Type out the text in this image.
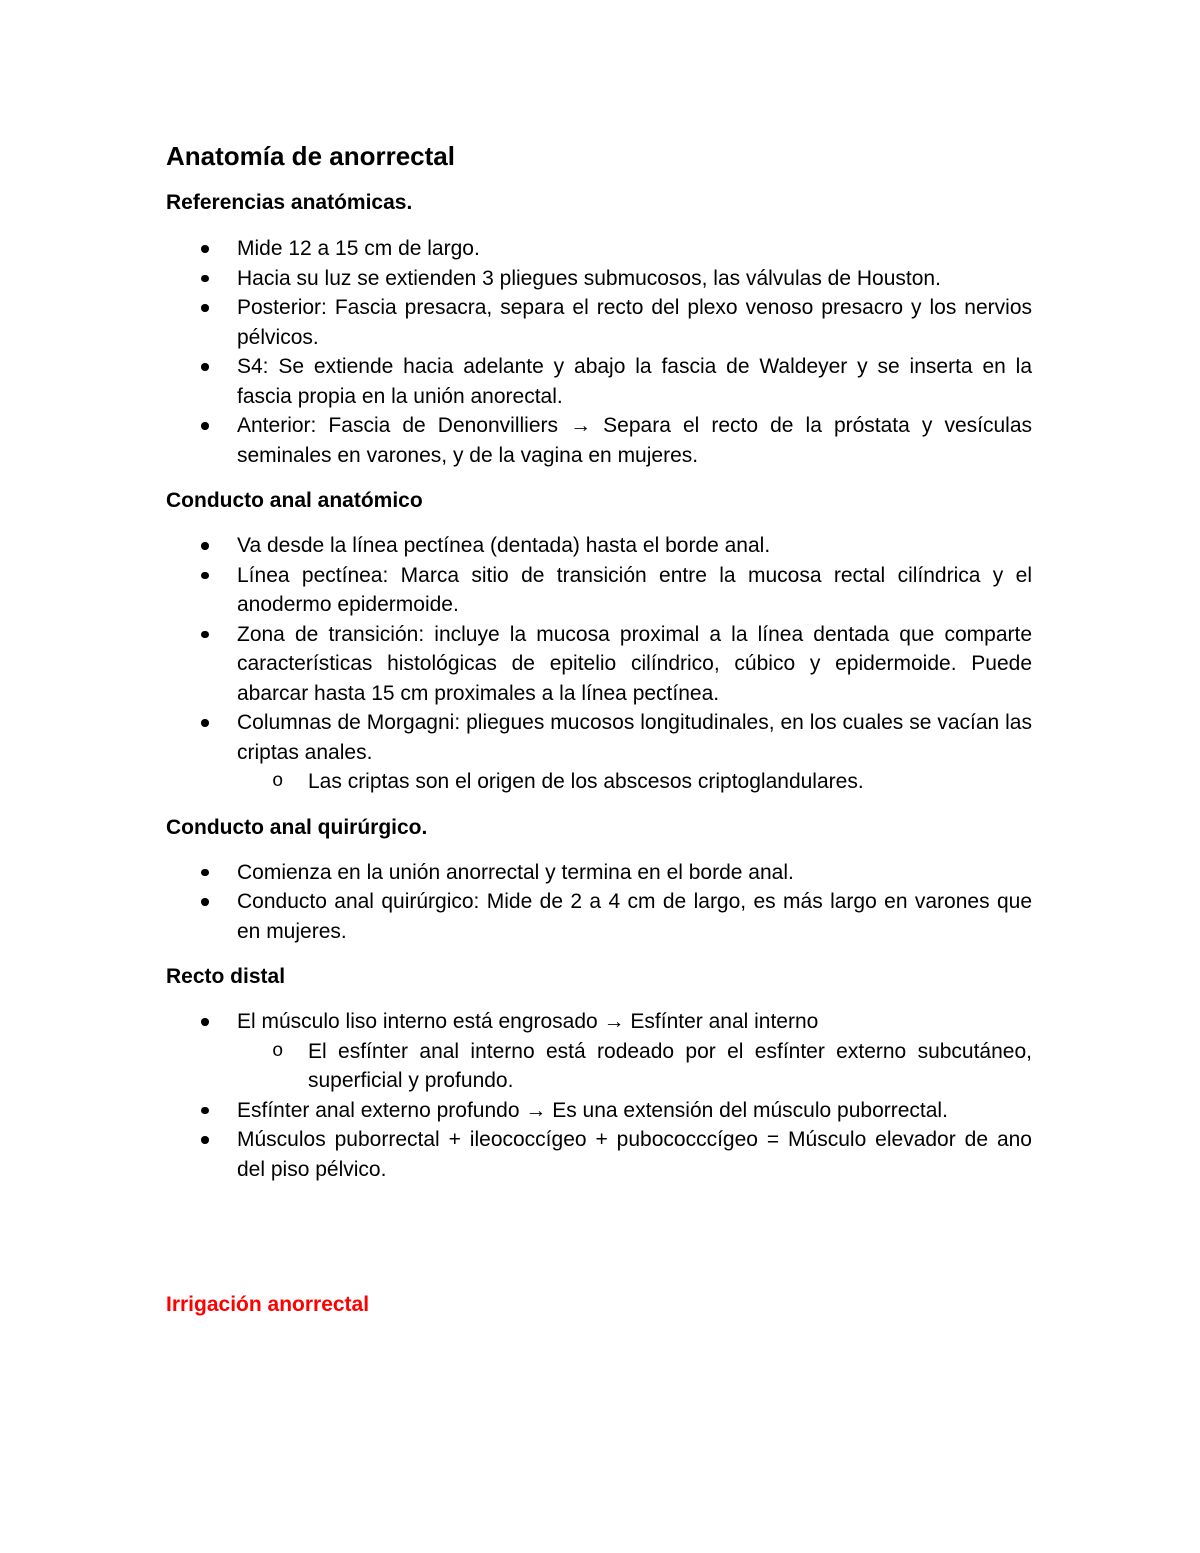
Anatomía de anorrectal
Referencias anatómicas.
Mide 12 a 15 cm de largo.
Hacia su luz se extienden 3 pliegues submucosos, las válvulas de Houston.
Posterior: Fascia presacra, separa el recto del plexo venoso presacro y los nervios pélvicos.
S4: Se extiende hacia adelante y abajo la fascia de Waldeyer y se inserta en la fascia propia en la unión anorectal.
Anterior: Fascia de Denonvilliers → Separa el recto de la próstata y vesículas seminales en varones, y de la vagina en mujeres.
Conducto anal anatómico
Va desde la línea pectínea (dentada) hasta el borde anal.
Línea pectínea: Marca sitio de transición entre la mucosa rectal cilíndrica y el anodermo epidermoide.
Zona de transición: incluye la mucosa proximal a la línea dentada que comparte características histológicas de epitelio cilíndrico, cúbico y epidermoide. Puede abarcar hasta 15 cm proximales a la línea pectínea.
Columnas de Morgagni: pliegues mucosos longitudinales, en los cuales se vacían las criptas anales.
o Las criptas son el origen de los abscesos criptoglandulares.
Conducto anal quirúrgico.
Comienza en la unión anorrectal y termina en el borde anal.
Conducto anal quirúrgico: Mide de 2 a 4 cm de largo, es más largo en varones que en mujeres.
Recto distal
El músculo liso interno está engrosado → Esfínter anal interno
o El esfínter anal interno está rodeado por el esfínter externo subcutáneo, superficial y profundo.
Esfínter anal externo profundo → Es una extensión del músculo puborrectal.
Músculos puborrectal + ileococcígeo + pubococccígeo = Músculo elevador de ano del piso pélvico.
Irrigación anorrectal
